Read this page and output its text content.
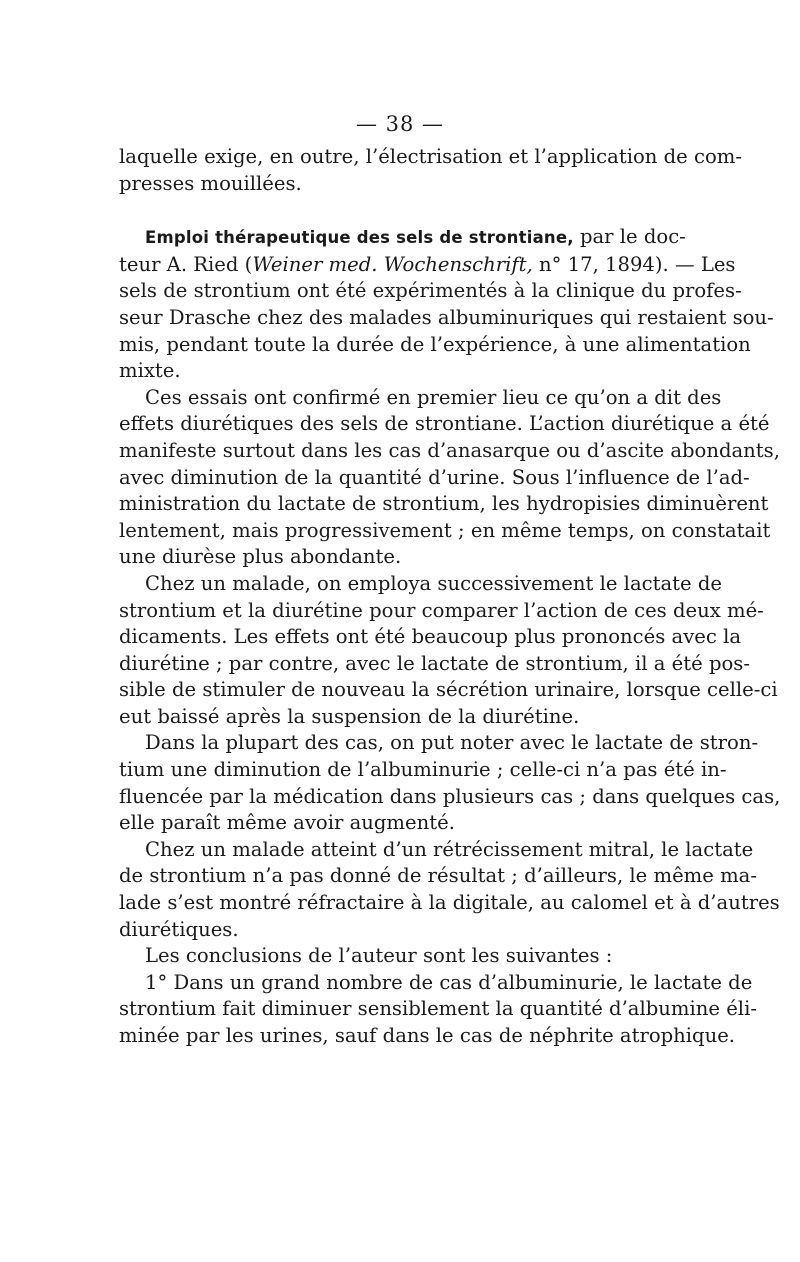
— 38 —
laquelle exige, en outre, l’électrisation et l’application de com-
presses mouillées.
Emploi thérapeutique des sels de strontiane, par le doc-
teur A. Ried (Weiner med. Wochenschrift, n° 17, 1894). — Les
sels de strontium ont été expérimentés à la clinique du profes-
seur Drasche chez des malades albuminuriques qui restaient sou-
mis, pendant toute la durée de l’expérience, à une alimentation
mixte.
Ces essais ont confirmé en premier lieu ce qu’on a dit des
effets diurétiques des sels de strontiane. L’action diurétique a été
manifeste surtout dans les cas d’anasarque ou d’ascite abondants,
avec diminution de la quantité d’urine. Sous l’influence de l’ad-
ministration du lactate de strontium, les hydropisies diminuèrent
lentement, mais progressivement ; en même temps, on constatait
une diurèse plus abondante.
Chez un malade, on employa successivement le lactate de
strontium et la diurétine pour comparer l’action de ces deux mé-
dicaments. Les effets ont été beaucoup plus prononcés avec la
diurétine ; par contre, avec le lactate de strontium, il a été pos-
sible de stimuler de nouveau la sécrétion urinaire, lorsque celle-ci
eut baissé après la suspension de la diurétine.
Dans la plupart des cas, on put noter avec le lactate de stron-
tium une diminution de l’albuminurie ; celle-ci n’a pas été in-
fluencée par la médication dans plusieurs cas ; dans quelques cas,
elle paraît même avoir augmenté.
Chez un malade atteint d’un rétrécissement mitral, le lactate
de strontium n’a pas donné de résultat ; d’ailleurs, le même ma-
lade s’est montré réfractaire à la digitale, au calomel et à d’autres
diurétiques.
Les conclusions de l’auteur sont les suivantes :
1° Dans un grand nombre de cas d’albuminurie, le lactate de
strontium fait diminuer sensiblement la quantité d’albumine éli-
minée par les urines, sauf dans le cas de néphrite atrophique.
